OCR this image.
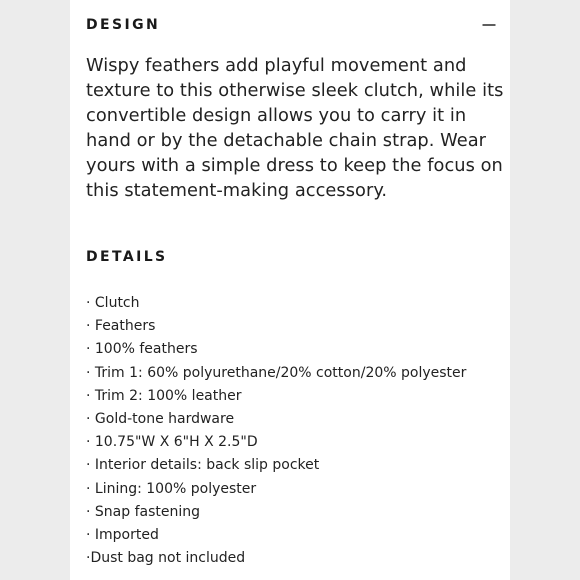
DESIGN

Wispy feathers add playful movement and texture to this otherwise sleek clutch, while its convertible design allows you to carry it in hand or by the detachable chain strap. Wear yours with a simple dress to keep the focus on this statement-making accessory.

DETAILS
· Clutch
· Feathers
· 100% feathers
· Trim 1: 60% polyurethane/20% cotton/20% polyester
· Trim 2: 100% leather
· Gold-tone hardware
· 10.75"W X 6"H X 2.5"D
· Interior details: back slip pocket
· Lining: 100% polyester
· Snap fastening
· Imported
·Dust bag not included
